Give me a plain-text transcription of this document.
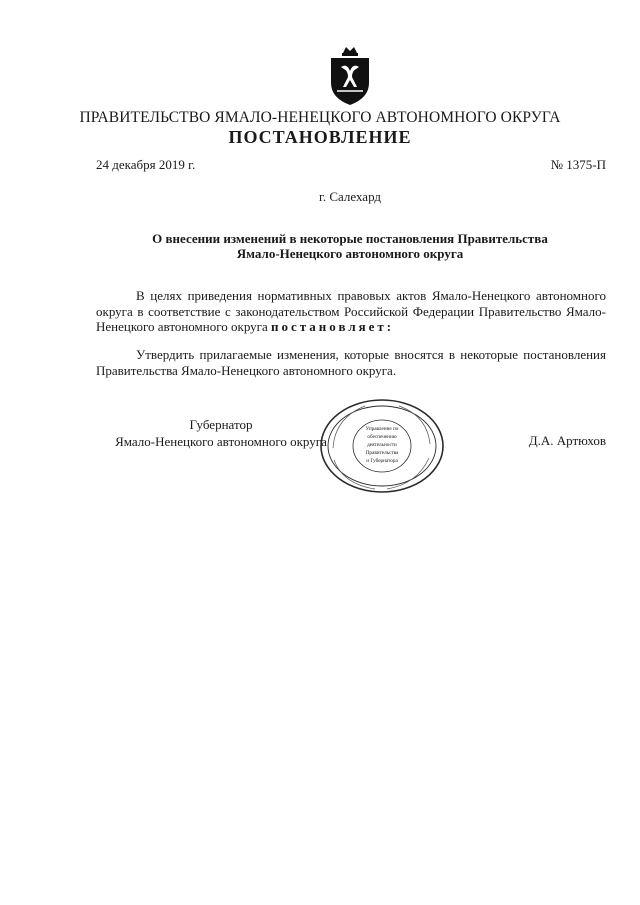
ПРАВИТЕЛЬСТВО ЯМАЛО-НЕНЕЦКОГО АВТОНОМНОГО ОКРУГА
ПОСТАНОВЛЕНИЕ
24 декабря 2019 г.	№ 1375-П
г. Салехард
О внесении изменений в некоторые постановления Правительства
Ямало-Ненецкого автономного округа
В целях приведения нормативных правовых актов Ямало-Ненецкого автономного округа в соответствие с законодательством Российской Федерации Правительство Ямало-Ненецкого автономного округа постановляет:
Утвердить прилагаемые изменения, которые вносятся в некоторые постановления Правительства Ямало-Ненецкого автономного округа.
Губернатор
Ямало-Ненецкого автономного округа	Д.А. Артюхов
Управление по
обеспечению
деятельности
Правительства
и Губернатора
